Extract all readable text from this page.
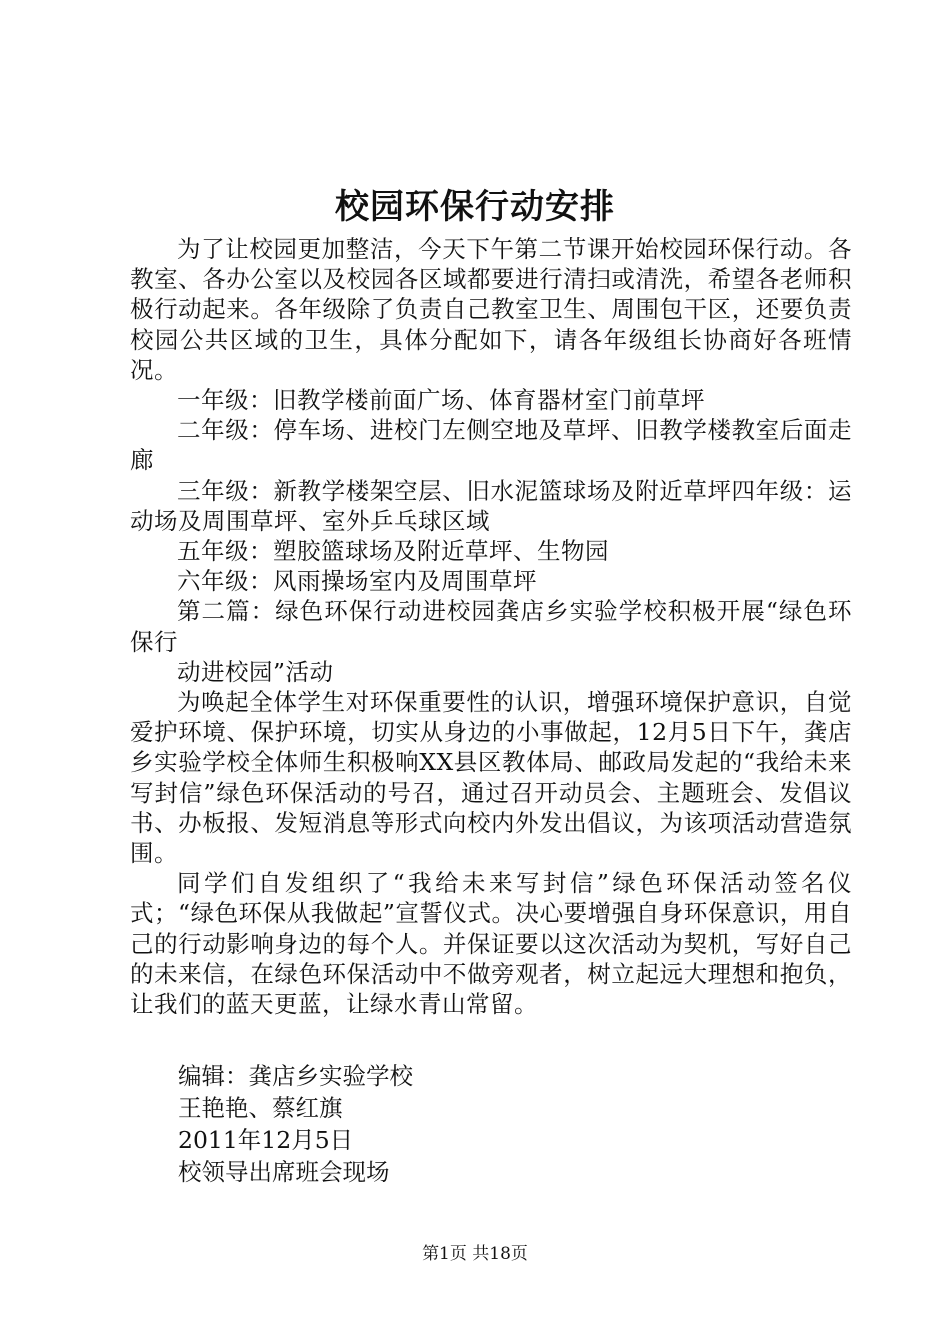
校园环保行动安排

为了让校园更加整洁，今天下午第二节课开始校园环保行动。各教室、各办公室以及校园各区域都要进行清扫或清洗，希望各老师积极行动起来。各年级除了负责自己教室卫生、周围包干区，还要负责校园公共区域的卫生，具体分配如下，请各年级组长协商好各班情况。

一年级：旧教学楼前面广场、体育器材室门前草坪

二年级：停车场、进校门左侧空地及草坪、旧教学楼教室后面走廊

三年级：新教学楼架空层、旧水泥篮球场及附近草坪四年级：运动场及周围草坪、室外乒乓球区域

五年级：塑胶篮球场及附近草坪、生物园

六年级：风雨操场室内及周围草坪

第二篇：绿色环保行动进校园龚店乡实验学校积极开展“绿色环保行

动进校园”活动

为唤起全体学生对环保重要性的认识，增强环境保护意识，自觉爱护环境、保护环境，切实从身边的小事做起，12月5日下午，龚店乡实验学校全体师生积极响XX县区教体局、邮政局发起的“我给未来写封信”绿色环保活动的号召，通过召开动员会、主题班会、发倡议书、办板报、发短消息等形式向校内外发出倡议，为该项活动营造氛围。

同学们自发组织了“我给未来写封信”绿色环保活动签名仪式；“绿色环保从我做起”宣誓仪式。决心要增强自身环保意识，用自己的行动影响身边的每个人。并保证要以这次活动为契机，写好自己的未来信，在绿色环保活动中不做旁观者，树立起远大理想和抱负，让我们的蓝天更蓝，让绿水青山常留。

编辑：龚店乡实验学校
王艳艳、蔡红旗
2011年12月5日
校领导出席班会现场
第1页 共18页
